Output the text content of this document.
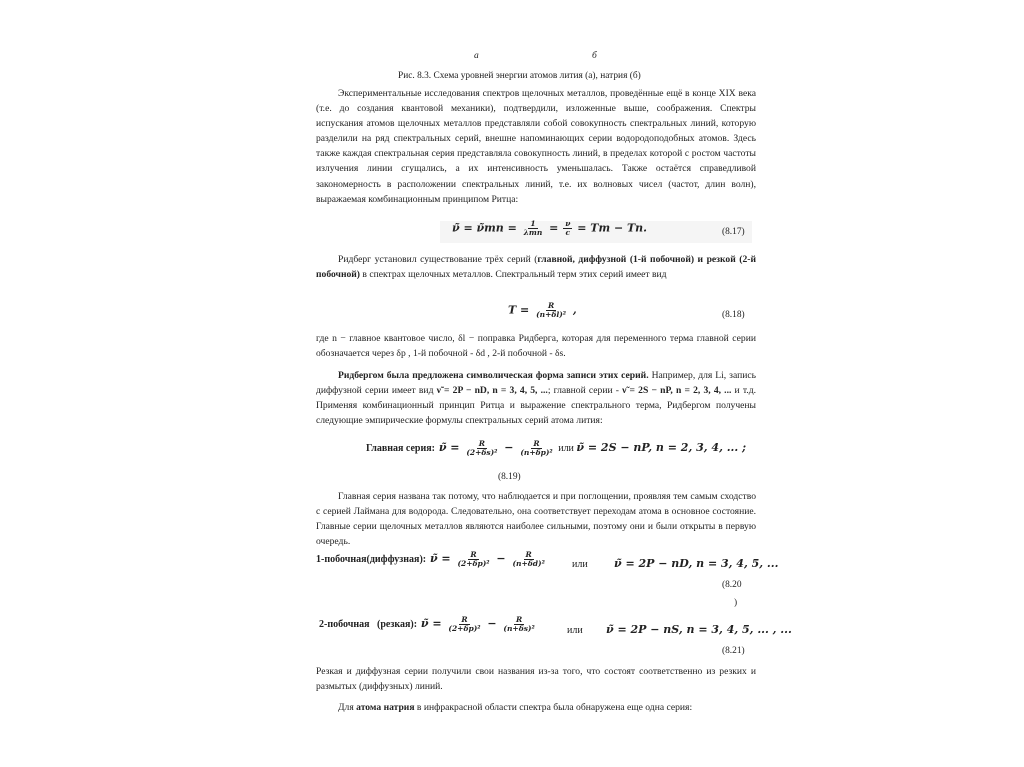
а	б
Рис. 8.3. Схема уровней энергии атомов лития (а), натрия (б)
Экспериментальные исследования спектров щелочных металлов, проведённые ещё в конце XIX века (т.е. до создания квантовой механики), подтвердили, изложенные выше, соображения. Спектры испускания атомов щелочных металлов представляли собой совокупность спектральных линий, которую разделили на ряд спектральных серий, внешне напоминающих серии водородоподобных атомов. Здесь также каждая спектральная серия представляла совокупность линий, в пределах которой с ростом частоты излучения линии сгущались, а их интенсивность уменьшалась. Также остаётся справедливой закономерность в расположении спектральных линий, т.е. их волновых чисел (частот, длин волн), выражаемая комбинационным принципом Ритца:
ν̃ = ν̃mn = $\frac{1}{\text{λmn}} = \frac{\nu}{c} = Tm - Tn$.	(8.17)
Ридберг установил существование трёх серий (главной, диффузной (1-й побочной) и резкой (2-й побочной) в спектрах щелочных металлов. Спектральный терм этих серий имеет вид
$T = \frac{R}{\text{(n+δl)²}}$ ,	(8.18)
где n − главное квантовое число, δl − поправка Ридберга, которая для переменного терма главной серии обозначается через δp , 1-й побочной - δd , 2-й побочной - δs.
Ридбергом была предложена символическая форма записи этих серий. Например, для Li, запись диффузной серии имеет вид ν̃ = 2P − nD, n = 3, 4, 5, ...; главной серии - ν̃ = 2S − nP, n = 2, 3, 4, ... и т.д. Применяя комбинационный принцип Ритца и выражение спектрального терма, Ридбергом получены следующие эмпирические формулы спектральных серий атома лития:
Главная серия: ν̃ = $\frac{R}{\text{(2+δs)²}} - \frac{R}{\text{(n+δp)²}}$ или ν̃ = 2S − nP, n = 2, 3, 4, ... ;
(8.19)
Главная серия названа так потому, что наблюдается и при поглощении, проявляя тем самым сходство с серией Лаймана для водорода. Следовательно, она соответствует переходам атома в основное состояние. Главные серии щелочных металлов являются наиболее сильными, поэтому они и были открыты в первую очередь.
1-побочная(диффузная): ν̃ = $\frac{R}{\text{(2+δp)²}} - \frac{R}{\text{(n+δd)²}}$	или ν̃ = 2P − nD, n = 3, 4, 5, ...
(8.20
)
2-побочная   (резкая): ν̃ = $\frac{R}{\text{(2+δp)²}} - \frac{R}{\text{(n+δs)²}}$	или ν̃ = 2P − nS, n = 3, 4, 5, ... , ...
(8.21)
Резкая и диффузная серии получили свои названия из-за того, что состоят соответственно из резких и размытых (диффузных) линий.
Для атома натрия в инфракрасной области спектра была обнаружена еще одна серия:
